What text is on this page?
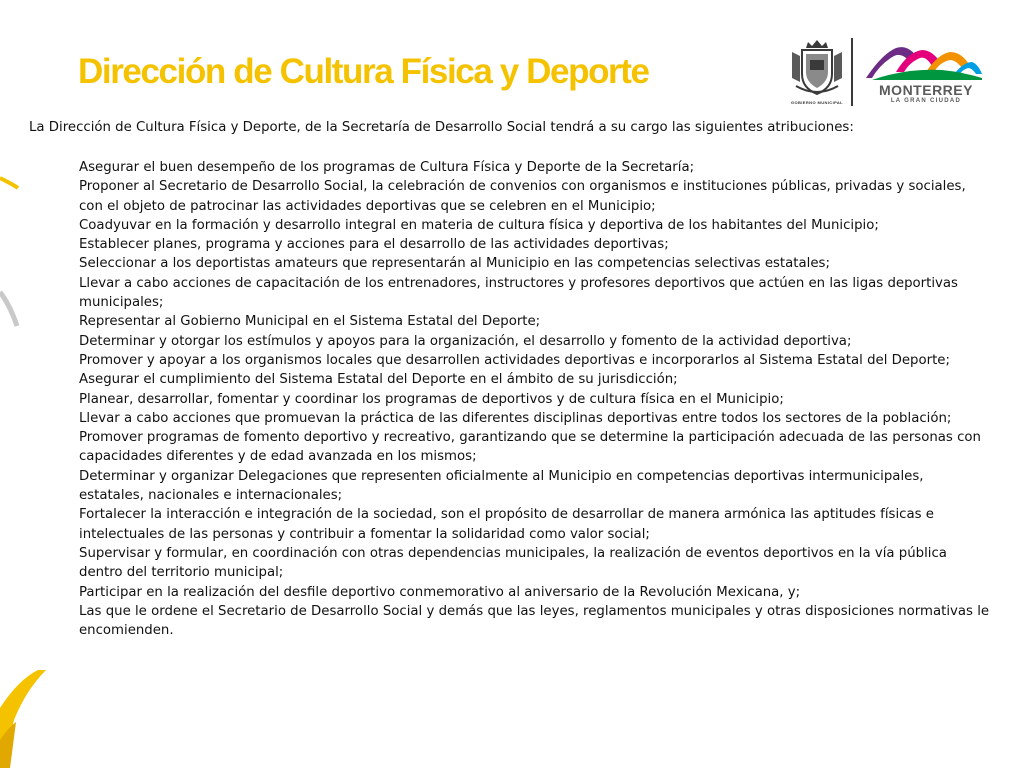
Dirección de Cultura Física y Deporte
GOBIERNO MUNICIPAL
MONTERREY
LA GRAN CIUDAD

La Dirección de Cultura Física y Deporte, de la Secretaría de Desarrollo Social tendrá a su cargo las siguientes atribuciones:

Asegurar el buen desempeño de los programas de Cultura Física y Deporte de la Secretaría;
Proponer al Secretario de Desarrollo Social, la celebración de convenios con organismos e instituciones públicas, privadas y sociales, con el objeto de patrocinar las actividades deportivas que se celebren en el Municipio;
Coadyuvar en la formación y desarrollo integral en materia de cultura física y deportiva de los habitantes del Municipio;
Establecer planes, programa y acciones para el desarrollo de las actividades deportivas;
Seleccionar a los deportistas amateurs que representarán al Municipio en las competencias selectivas estatales;
Llevar a cabo acciones de capacitación de los entrenadores, instructores y profesores deportivos que actúen en las ligas deportivas municipales;
Representar al Gobierno Municipal en el Sistema Estatal del Deporte;
Determinar y otorgar los estímulos y apoyos para la organización, el desarrollo y fomento de la actividad deportiva;
Promover y apoyar a los organismos locales que desarrollen actividades deportivas e incorporarlos al Sistema Estatal del Deporte;
Asegurar el cumplimiento del Sistema Estatal del Deporte en el ámbito de su jurisdicción;
Planear, desarrollar, fomentar y coordinar los programas de deportivos y de cultura física en el Municipio;
Llevar a cabo acciones que promuevan la práctica de las diferentes disciplinas deportivas entre todos los sectores de la población;
Promover programas de fomento deportivo y recreativo, garantizando que se determine la participación adecuada de las personas con capacidades diferentes y de edad avanzada en los mismos;
Determinar y organizar Delegaciones que representen oficialmente al Municipio en competencias deportivas intermunicipales, estatales, nacionales e internacionales;
Fortalecer la interacción e integración de la sociedad, son el propósito de desarrollar de manera armónica las aptitudes físicas e intelectuales de las personas y contribuir a fomentar la solidaridad como valor social;
Supervisar y formular, en coordinación con otras dependencias municipales, la realización de eventos deportivos en la vía pública dentro del territorio municipal;
Participar en la realización del desfile deportivo conmemorativo al aniversario de la Revolución Mexicana, y;
Las que le ordene el Secretario de Desarrollo Social y demás que las leyes, reglamentos municipales y otras disposiciones normativas le encomienden.
